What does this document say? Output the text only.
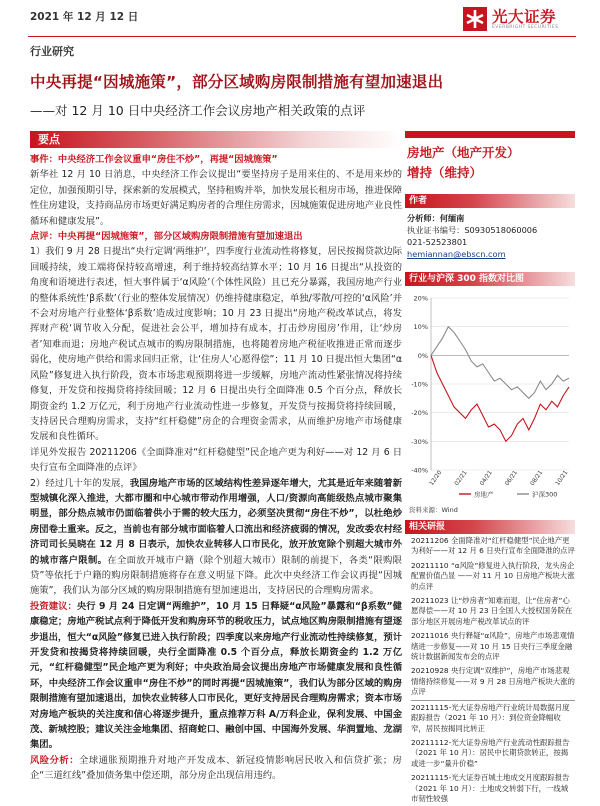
2021 年 12 月 12 日	光大证券
EVERBRIGHT SECURITIES
行业研究
中央再提“因城施策”，部分区域购房限制措施有望加速退出
——对 12 月 10 日中央经济工作会议房地产相关政策的点评
要点

事件：中央经济工作会议重申“房住不炒”，再提“因城施策”

新华社 12 月 10 日消息，中央经济工作会议提出“要坚持房子是用来住的、不是用来炒的定位，加强预期引导，探索新的发展模式，坚持租购并举，加快发展长租房市场，推进保障性住房建设，支持商品房市场更好满足购房者的合理住房需求，因城施策促进房地产业良性循环和健康发展”。

点评：中央再提“因城施策”，部分区域购房限制措施有望加速退出

1）我们 9 月 28 日提出“央行定调‘两维护’，四季度行业流动性将修复，居民按揭贷款边际回暖持续，竣工端将保持较高增速，利于维持较高结算水平；10 月 16 日提出“从投资的角度和语境进行表述，恒大事件属于‘α风险’（个体性风险）且已充分暴露，我国房地产行业的整体系统性‘β系数’（行业的整体发展情况）仍维持健康稳定，单独/零散/可控的‘α风险’并不会对房地产行业整体‘β系数’造成过度影响；10 月 23 日提出“房地产税改革试点，将发挥财产税‘调节收入分配，促进社会公平，增加持有成本，打击炒房囤房’作用，让‘炒房者’知难而退；房地产税试点城市的购房限制措施，也将随着房地产税征收推进正常而逐步弱化，使房地产供给和需求回归正常，让‘住房人’心愿得偿”；11 月 10 日提出恒大集团“α风险”修复进入执行阶段，资本市场悲观预期将进一步缓解，房地产流动性紧张情况将持续修复，开发贷和按揭贷将持续回暖；12 月 6 日提出央行全面降准 0.5 个百分点，释放长期资金约 1.2 万亿元，利于房地产行业流动性进一步修复，开发贷与按揭贷将持续回暖，支持居民合理购房需求，支持“红杆稳健”房企的合理资金需求，从而维护房地产市场健康发展和良性循环。

详见外发报告 20211206《全面降准对“红杆稳健型”民企地产更为利好——对 12 月 6 日央行宣布全面降准的点评》

2）经过几十年的发展，我国房地产市场的区域结构性差异逐年增大，尤其是近年来随着新型城镇化深入推进，大都市圈和中心城市带动作用增强，人口/资源向高能级热点城市聚集明显，部分热点城市仍面临着供小于需的较大压力，必须坚决贯彻“房住不炒”，以杜绝炒房団卷土重来。反之，当前也有部分城市面临着人口流出和经济疲弱的情况，发改委农村经济司司长吴晓在 12 月 8 日表示，加快农业转移人口市民化，放开放宽除个别超大城市外的城市落户限制。在全面放开城市户籍（除个别超大城市）限制的前提下，各类“限购限贷”等依托于户籍的购房限制措施将存在意义明显下降。此次中央经济工作会议再提“因城施策”，我们认为部分区域的购房限制措施有望加速退出，支持居民的合理购房需求。

投资建议：央行 9 月 24 日定调“两维护”，10 月 15 日释疑“α风险”暴露和“β系数”健康稳定；房地产税试点利于降低开发和购房环节的税收压力，试点地区购房限制措施有望逐步退出，恒大“α风险”修复已进入执行阶段；四季度以来房地产行业流动性持续修复，预计开发贷和按揭贷将持续回暖，央行全面降准 0.5 个百分点，释放长期资金约 1.2 万亿元，“红杆稳健型”民企地产更为利好；中央政治局会议提出房地产市场健康发展和良性循环，中央经济工作会议重申“房住不炒”的同时再提“因城施策”，我们认为部分区域的购房限制措施有望加速退出，加快农业转移人口市民化，更好支持居民合理购房需求；资本市场对房地产板块的关注度和信心将逐步提升，重点推荐万科 A/万科企业，保利发展、中国金茂、新城控股；建议关注金地集团、招商蛇口、融创中国、中国海外发展、华润置地、龙湖集团。

风险分析：全球通胀预期推升对地产开发成本、新冠疫情影响居民收入和信贷扩张；房企“三道红线”叠加债务集中偿还期，部分房企出现信用违约。

房地产（地产开发）
增持（维持）
作者
分析师：何缅南
执业证书编号：S0930518060006
021-52523801
hemiannan@ebscn.com
行业与沪深 300 指数对比图
20%
10%
0%
-10%
-20%
-30%
-40% 12/20 02/21 04/21 06/21 08/21 10/21
房地产	沪深300
资料来源：Wind
相关研报
20211206 全面降准对“红杆稳健型”民企地产更为利好——对 12 月 6 日央行宣布全面降准的点评
20211110 “α风险”修复进入执行阶段，龙头房企配置价值凸显 ——对 11 月 10 日房地产板块大涨的点评
20211023 让“炒房者”知难而退，让“住房者”心愿得偿——对 10 月 23 日全国人大授权国务院在部分地区开展房地产税改革试点的评
20211016 央行释疑“α风险”，房地产市场悲观情绪进一步修复——对 10 月 15 日央行三季度金融统计数据新闻发布会的点评
20210928 央行定调“双维护”，房地产市场悲观情绪持续修复——对 9 月 28 日房地产板块大涨的点评
20211115-光大证券房地产行业统计局数据月度跟踪报告（2021 年 10 月）：到位资金降幅收窄，居民按揭同比转正
20211112-光大证券房地产行业流动性跟踪报告（2021 年 10 月）：居民中长期贷款转正，按揭或进一步“量升价稳”
20211115-光大证券百城土地成交月度跟踪报告（2021 年 10 月）：土地成交转弱下行，一线城市韧性较强
